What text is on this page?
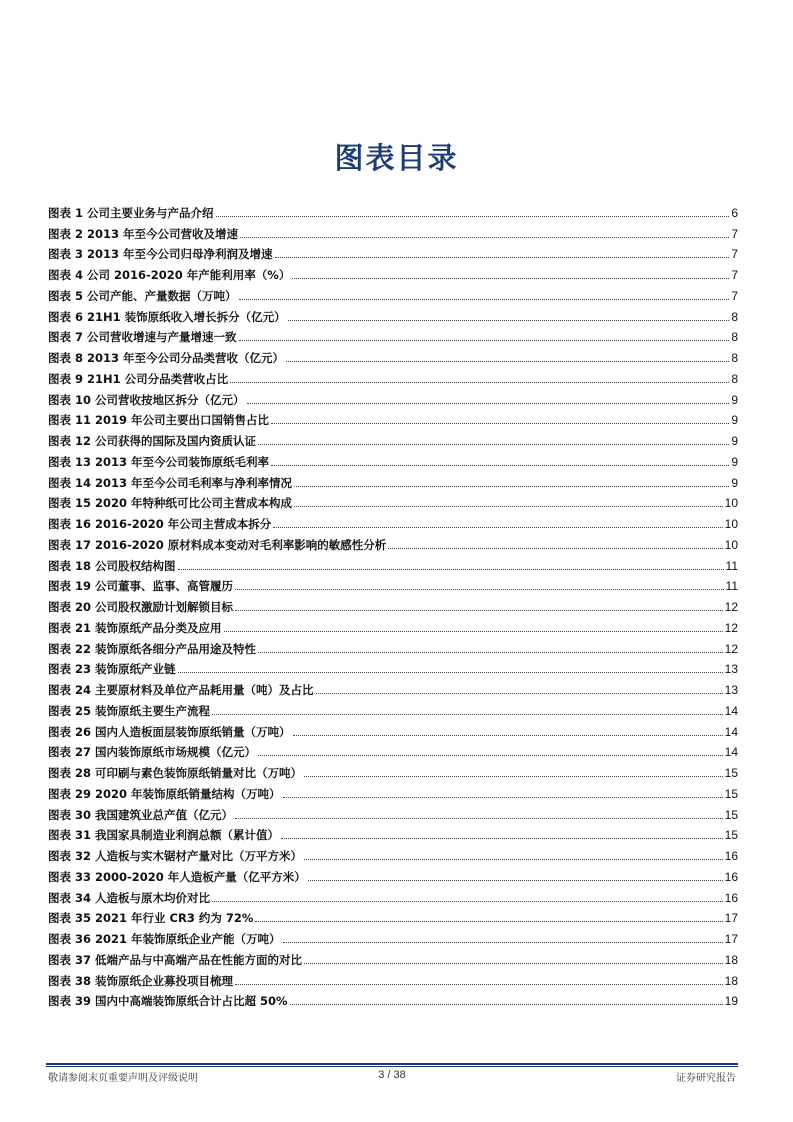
图表目录
图表 1 公司主要业务与产品介绍	6
图表 2 2013 年至今公司营收及增速	7
图表 3 2013 年至今公司归母净利润及增速	7
图表 4 公司 2016-2020 年产能利用率（%）	7
图表 5 公司产能、产量数据（万吨）	7
图表 6 21H1 装饰原纸收入增长拆分（亿元）	8
图表 7 公司营收增速与产量增速一致	8
图表 8 2013 年至今公司分品类营收（亿元）	8
图表 9 21H1 公司分品类营收占比	8
图表 10 公司营收按地区拆分（亿元）	9
图表 11 2019 年公司主要出口国销售占比	9
图表 12 公司获得的国际及国内资质认证	9
图表 13 2013 年至今公司装饰原纸毛利率	9
图表 14 2013 年至今公司毛利率与净利率情况	9
图表 15 2020 年特种纸可比公司主营成本构成	10
图表 16 2016-2020 年公司主营成本拆分	10
图表 17 2016-2020 原材料成本变动对毛利率影响的敏感性分析	10
图表 18 公司股权结构图	11
图表 19 公司董事、监事、高管履历	11
图表 20 公司股权激励计划解锁目标	12
图表 21 装饰原纸产品分类及应用	12
图表 22 装饰原纸各细分产品用途及特性	12
图表 23 装饰原纸产业链	13
图表 24 主要原材料及单位产品耗用量（吨）及占比	13
图表 25 装饰原纸主要生产流程	14
图表 26 国内人造板面层装饰原纸销量（万吨）	14
图表 27 国内装饰原纸市场规模（亿元）	14
图表 28 可印刷与素色装饰原纸销量对比（万吨）	15
图表 29 2020 年装饰原纸销量结构（万吨）	15
图表 30 我国建筑业总产值（亿元）	15
图表 31 我国家具制造业利润总额（累计值）	15
图表 32 人造板与实木锯材产量对比（万平方米）	16
图表 33 2000-2020 年人造板产量（亿平方米）	16
图表 34 人造板与原木均价对比	16
图表 35 2021 年行业 CR3 约为 72%	17
图表 36 2021 年装饰原纸企业产能（万吨）	17
图表 37 低端产品与中高端产品在性能方面的对比	18
图表 38 装饰原纸企业募投项目梳理	18
图表 39 国内中高端装饰原纸合计占比超 50%	19
敬请参阅末页重要声明及评级说明	3 / 38	证券研究报告
